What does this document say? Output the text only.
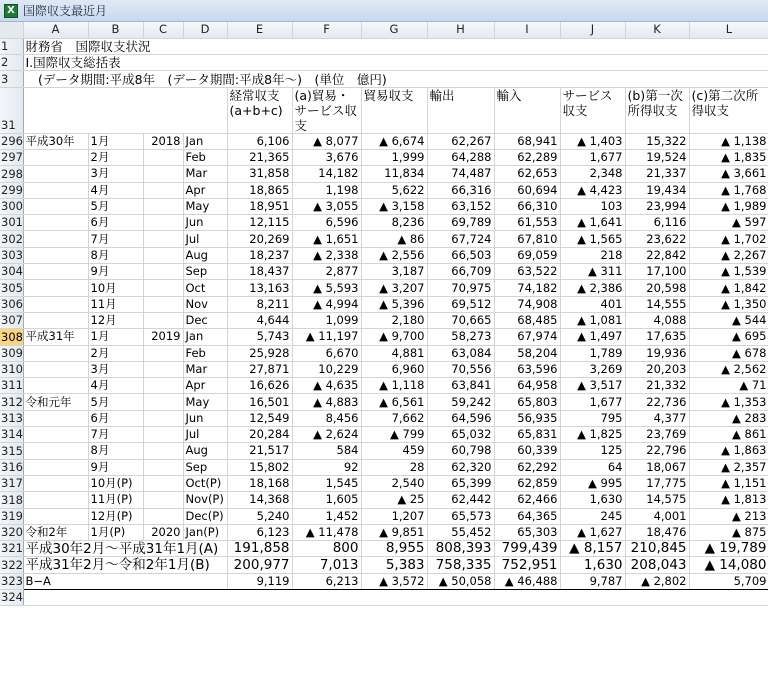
X 国際収支最近月
	A	B	C	D	E	F	G	H	I	J	K	L
1	財務省　国際収支状況											
2	Ⅰ.国際収支総括表											
3	　(データ期間:平成8年　(データ期間:平成8年～)　(単位　億円)											
31					経常収支(a+b+c)	(a)貿易・サービス収支	貿易収支	輸出	輸入	サービス収支	(b)第一次所得収支	(c)第二次所得収支
296	平成30年	1月	2018	Jan	6,106	▲ 8,077	▲ 6,674	62,267	68,941	▲ 1,403	15,322	▲ 1,138
297		2月		Feb	21,365	3,676	1,999	64,288	62,289	1,677	19,524	▲ 1,835
298		3月		Mar	31,858	14,182	11,834	74,487	62,653	2,348	21,337	▲ 3,661
299		4月		Apr	18,865	1,198	5,622	66,316	60,694	▲ 4,423	19,434	▲ 1,768
300		5月		May	18,951	▲ 3,055	▲ 3,158	63,152	66,310	103	23,994	▲ 1,989
301		6月		Jun	12,115	6,596	8,236	69,789	61,553	▲ 1,641	6,116	▲ 597
302		7月		Jul	20,269	▲ 1,651	▲ 86	67,724	67,810	▲ 1,565	23,622	▲ 1,702
303		8月		Aug	18,237	▲ 2,338	▲ 2,556	66,503	69,059	218	22,842	▲ 2,267
304		9月		Sep	18,437	2,877	3,187	66,709	63,522	▲ 311	17,100	▲ 1,539
305		10月		Oct	13,163	▲ 5,593	▲ 3,207	70,975	74,182	▲ 2,386	20,598	▲ 1,842
306		11月		Nov	8,211	▲ 4,994	▲ 5,396	69,512	74,908	401	14,555	▲ 1,350
307		12月		Dec	4,644	1,099	2,180	70,665	68,485	▲ 1,081	4,088	▲ 544
308	平成31年	1月	2019	Jan	5,743	▲ 11,197	▲ 9,700	58,273	67,974	▲ 1,497	17,635	▲ 695
309		2月		Feb	25,928	6,670	4,881	63,084	58,204	1,789	19,936	▲ 678
310		3月		Mar	27,871	10,229	6,960	70,556	63,596	3,269	20,203	▲ 2,562
311		4月		Apr	16,626	▲ 4,635	▲ 1,118	63,841	64,958	▲ 3,517	21,332	▲ 71
312	令和元年	5月		May	16,501	▲ 4,883	▲ 6,561	59,242	65,803	1,677	22,736	▲ 1,353
313		6月		Jun	12,549	8,456	7,662	64,596	56,935	795	4,377	▲ 283
314		7月		Jul	20,284	▲ 2,624	▲ 799	65,032	65,831	▲ 1,825	23,769	▲ 861
315		8月		Aug	21,517	584	459	60,798	60,339	125	22,796	▲ 1,863
316		9月		Sep	15,802	92	28	62,320	62,292	64	18,067	▲ 2,357
317		10月(P)		Oct(P)	18,168	1,545	2,540	65,399	62,859	▲ 995	17,775	▲ 1,151
318		11月(P)		Nov(P)	14,368	1,605	▲ 25	62,442	62,466	1,630	14,575	▲ 1,813
319		12月(P)		Dec(P)	5,240	1,452	1,207	65,573	64,365	245	4,001	▲ 213
320	令和2年	1月(P)	2020	Jan(P)	6,123	▲ 11,478	▲ 9,851	55,452	65,303	▲ 1,627	18,476	▲ 875
321	平成30年2月～平成31年1月(A)				191,858	800	8,955	808,393	799,439	▲ 8,157	210,845	▲ 19,789
322	平成31年2月～令和2年1月(B)				200,977	7,013	5,383	758,335	752,951	1,630	208,043	▲ 14,080
323	B−A				9,119	6,213	▲ 3,572	▲ 50,058	▲ 46,488	9,787	▲ 2,802	5,709
324												
